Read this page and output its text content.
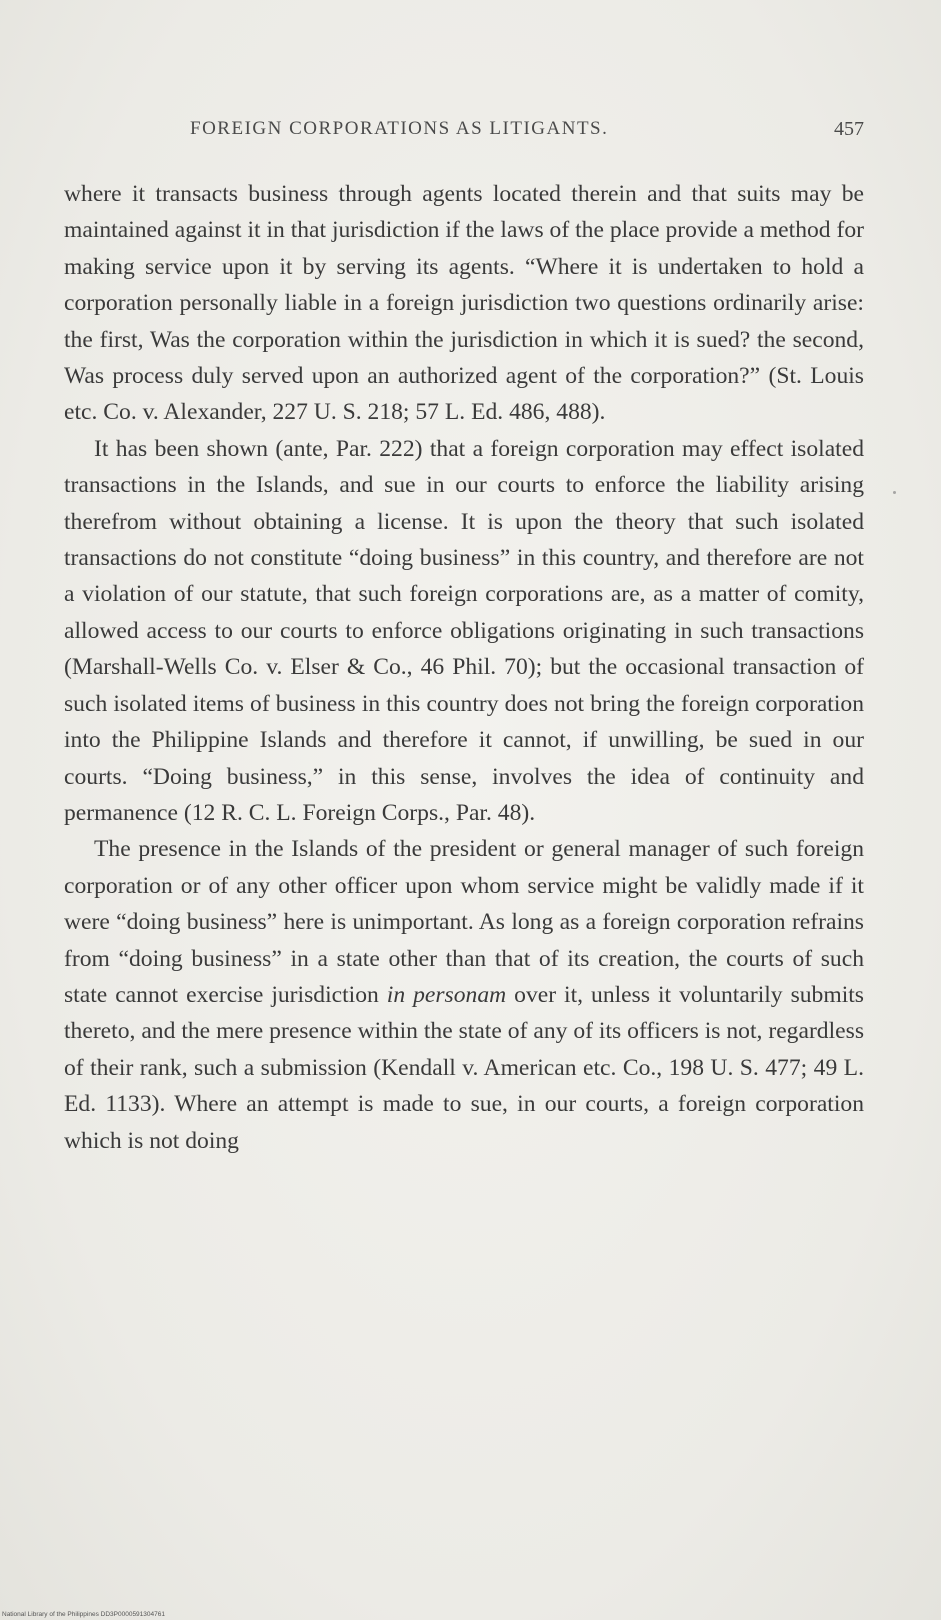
FOREIGN CORPORATIONS AS LITIGANTS.	457

where it transacts business through agents located therein and that suits may be maintained against it in that jurisdiction if the laws of the place provide a method for making service upon it by serving its agents. “Where it is undertaken to hold a corporation personally liable in a foreign jurisdiction two questions ordinarily arise: the first, Was the corporation within the jurisdiction in which it is sued? the second, Was process duly served upon an authorized agent of the corporation?” (St. Louis etc. Co. v. Alexander, 227 U. S. 218; 57 L. Ed. 486, 488).

It has been shown (ante, Par. 222) that a foreign corporation may effect isolated transactions in the Islands, and sue in our courts to enforce the liability arising therefrom without obtaining a license. It is upon the theory that such isolated transactions do not constitute “doing business” in this country, and therefore are not a violation of our statute, that such foreign corporations are, as a matter of comity, allowed access to our courts to enforce obligations originating in such transactions (Marshall-Wells Co. v. Elser & Co., 46 Phil. 70); but the occasional transaction of such isolated items of business in this country does not bring the foreign corporation into the Philippine Islands and therefore it cannot, if unwilling, be sued in our courts. “Doing business,” in this sense, involves the idea of continuity and permanence (12 R. C. L. Foreign Corps., Par. 48).

The presence in the Islands of the president or general manager of such foreign corporation or of any other officer upon whom service might be validly made if it were “doing business” here is unimportant. As long as a foreign corporation refrains from “doing business” in a state other than that of its creation, the courts of such state cannot exercise jurisdiction in personam over it, unless it voluntarily submits thereto, and the mere presence within the state of any of its officers is not, regardless of their rank, such a submission (Kendall v. American etc. Co., 198 U. S. 477; 49 L. Ed. 1133). Where an attempt is made to sue, in our courts, a foreign corporation which is not doing

National Library of the Philippines DD3P0000591304761
